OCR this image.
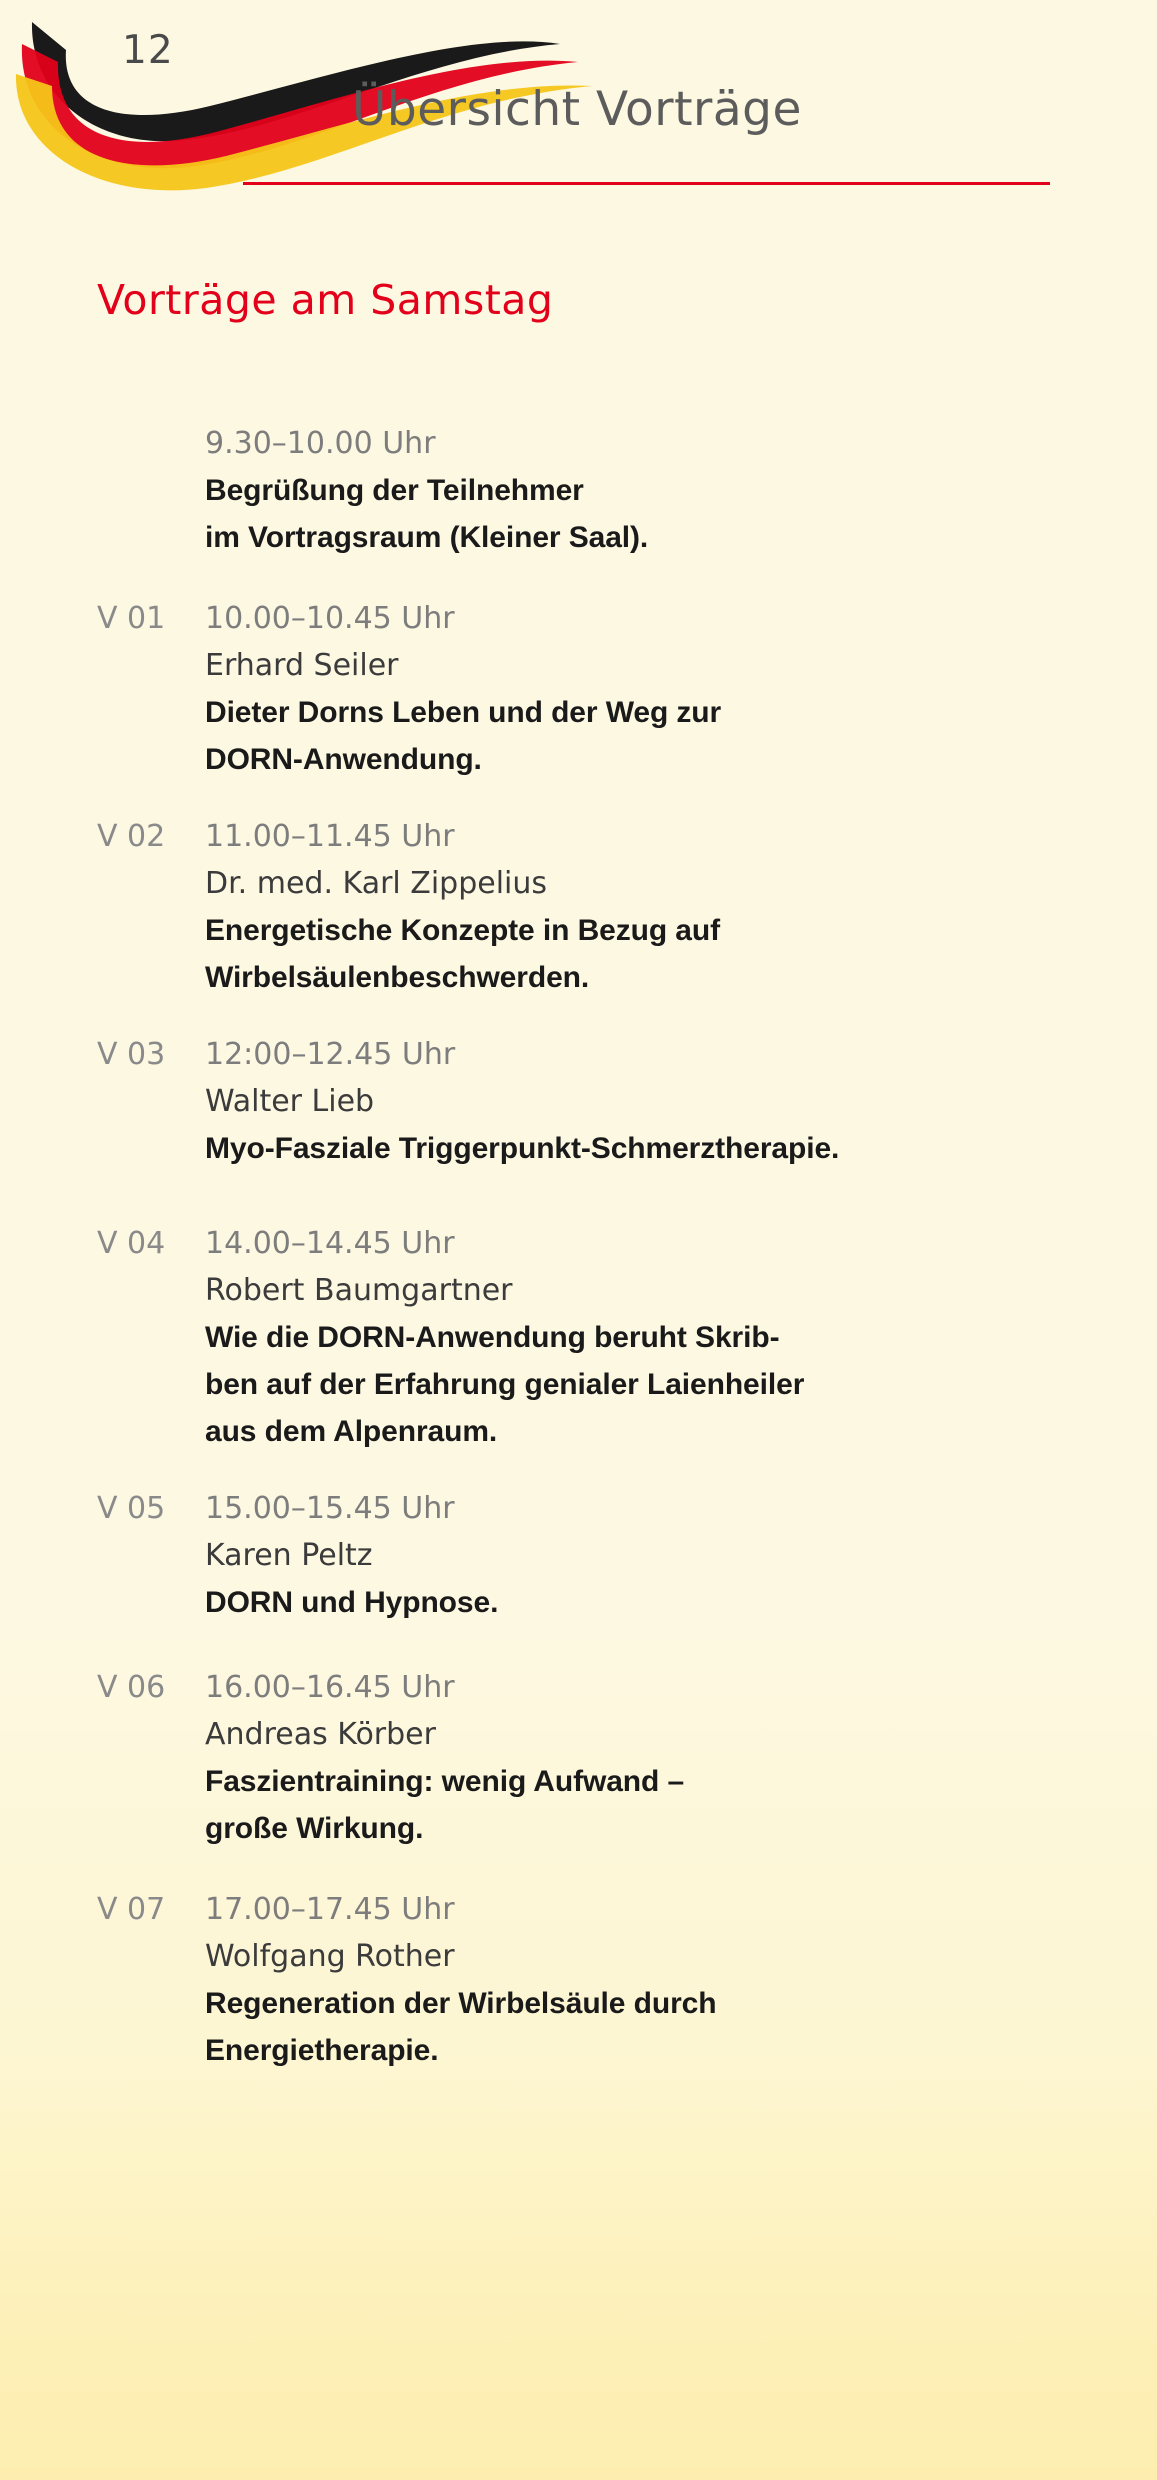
12
Übersicht Vorträge
Vorträge am Samstag
9.30–10.00 Uhr
Begrüßung der Teilnehmer
im Vortragsraum (Kleiner Saal).
V 01	10.00–10.45 Uhr
Erhard Seiler
Dieter Dorns Leben und der Weg zur
DORN-Anwendung.
V 02	11.00–11.45 Uhr
Dr. med. Karl Zippelius
Energetische Konzepte in Bezug auf
Wirbelsäulenbeschwerden.
V 03	12:00–12.45 Uhr
Walter Lieb
Myo-Fasziale Triggerpunkt-Schmerztherapie.
V 04	14.00–14.45 Uhr
Robert Baumgartner
Wie die DORN-Anwendung beruht Skrib-
ben auf der Erfahrung genialer Laienheiler
aus dem Alpenraum.
V 05	15.00–15.45 Uhr
Karen Peltz
DORN und Hypnose.
V 06	16.00–16.45 Uhr
Andreas Körber
Faszientraining: wenig Aufwand –
große Wirkung.
V 07	17.00–17.45 Uhr
Wolfgang Rother
Regeneration der Wirbelsäule durch
Energietherapie.
